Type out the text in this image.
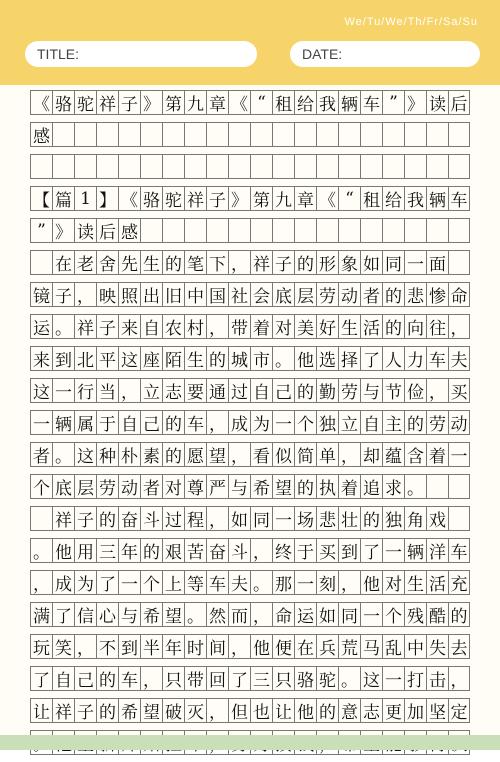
We/Tu/We/Th/Fr/Sa/Su
TITLE:	DATE:
《 骆 驼 祥 子 》 第 九 章 《 “ 租 给 我 辆 车 ” 》 读 后
感
【 篇 1 】 《 骆 驼 祥 子 》 第 九 章 《 “ 租 给 我 辆 车
” 》 读 后 感
在 老 舍 先 生 的 笔 下 ， 祥 子 的 形 象 如 同 一 面
镜 子 ， 映 照 出 旧 中 国 社 会 底 层 劳 动 者 的 悲 惨 命
运 。 祥 子 来 自 农 村 ， 带 着 对 美 好 生 活 的 向 往 ，
来 到 北 平 这 座 陌 生 的 城 市 。 他 选 择 了 人 力 车 夫
这 一 行 当 ， 立 志 要 通 过 自 己 的 勤 劳 与 节 俭 ， 买
一 辆 属 于 自 己 的 车 ， 成 为 一 个 独 立 自 主 的 劳 动
者 。 这 种 朴 素 的 愿 望 ， 看 似 简 单 ， 却 蕴 含 着 一
个 底 层 劳 动 者 对 尊 严 与 希 望 的 执 着 追 求 。
祥 子 的 奋 斗 过 程 ， 如 同 一 场 悲 壮 的 独 角 戏
。 他 用 三 年 的 艰 苦 奋 斗 ， 终 于 买 到 了 一 辆 洋 车
， 成 为 了 一 个 上 等 车 夫 。 那 一 刻 ， 他 对 生 活 充
满 了 信 心 与 希 望 。 然 而 ， 命 运 如 同 一 个 残 酷 的
玩 笑 ， 不 到 半 年 时 间 ， 他 便 在 兵 荒 马 乱 中 失 去
了 自 己 的 车 ， 只 带 回 了 三 只 骆 驼 。 这 一 打 击 ，
让 祥 子 的 希 望 破 灭 ， 但 也 让 他 的 意 志 更 加 坚 定
